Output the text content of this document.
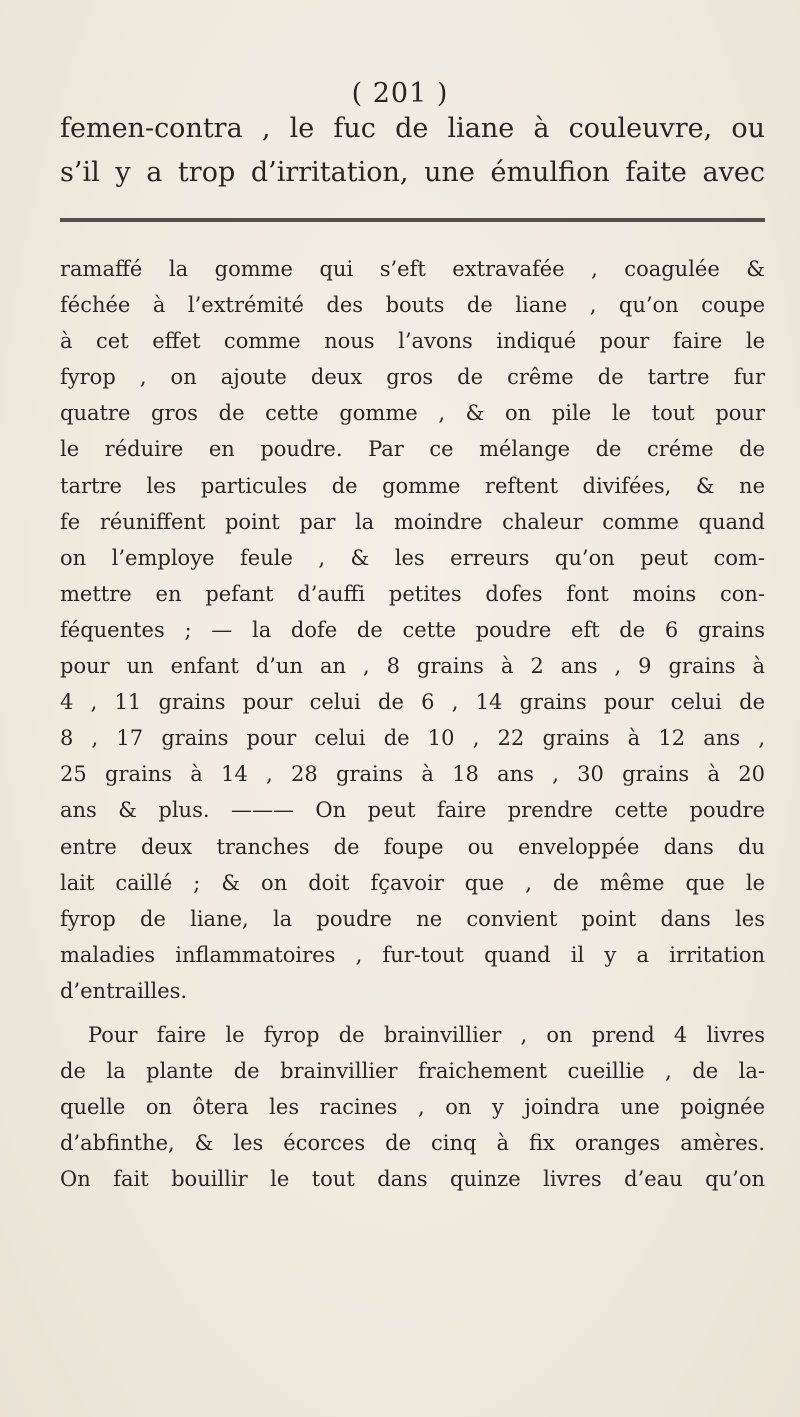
( 201 )
femen-contra , le fuc de liane à couleuvre, ou
s’il y a trop d’irritation, une émulfion faite avec
ramaffé la gomme qui s’eft extravafée , coagulée &
féchée à l’extrémité des bouts de liane , qu’on coupe
à cet effet comme nous l’avons indiqué pour faire le
fyrop , on ajoute deux gros de crême de tartre fur
quatre gros de cette gomme , & on pile le tout pour
le réduire en poudre. Par ce mélange de créme de
tartre les particules de gomme reftent divifées, & ne
fe réuniffent point par la moindre chaleur comme quand
on l’employe feule , & les erreurs qu’on peut com-
mettre en pefant d’auffi petites dofes font moins con-
féquentes ; — la dofe de cette poudre eft de 6 grains
pour un enfant d’un an , 8 grains à 2 ans , 9 grains à
4 , 11 grains pour celui de 6 , 14 grains pour celui de
8 , 17 grains pour celui de 10 , 22 grains à 12 ans ,
25 grains à 14 , 28 grains à 18 ans , 30 grains à 20
ans & plus. ——— On peut faire prendre cette poudre
entre deux tranches de foupe ou enveloppée dans du
lait caillé ; & on doit fçavoir que , de même que le
fyrop de liane, la poudre ne convient point dans les
maladies inflammatoires , fur-tout quand il y a irritation
d’entrailles.
Pour faire le fyrop de brainvillier , on prend 4 livres
de la plante de brainvillier fraichement cueillie , de la-
quelle on ôtera les racines , on y joindra une poignée
d’abfinthe, & les écorces de cinq à fix oranges amères.
On fait bouillir le tout dans quinze livres d’eau qu’on
